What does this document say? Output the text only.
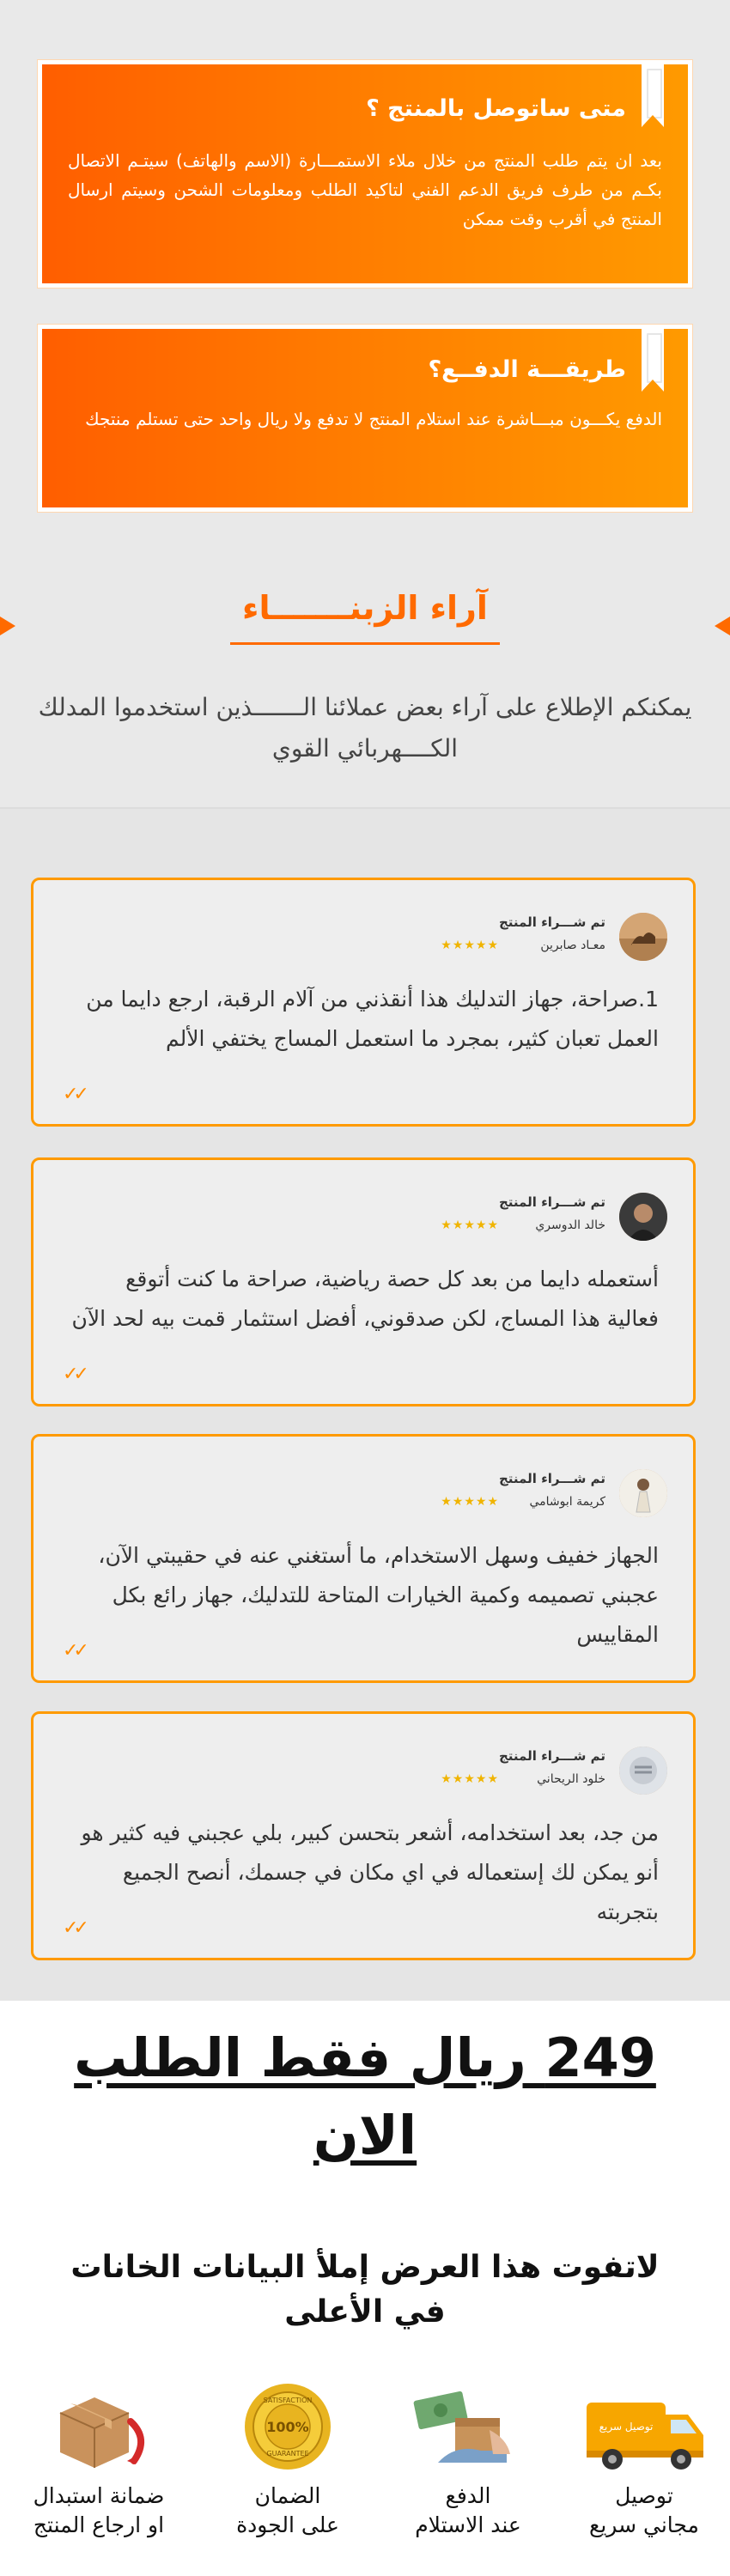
متى ساتوصل بالمنتج ؟

بعد ان يتم طلب المنتج من خلال ملاء الاستمـــارة (الاسم والهاتف) سيتـم الاتصال بكـم من طرف فريق الدعم الفني لتاكيد الطلب ومعلومات الشحن وسيتم ارسال المنتج في أقرب وقت ممكن

طريقـــة الدفــع؟

الدفع يكـــون مبـــاشرة عند استلام المنتج لا تدفع ولا ريال واحد حتى تستلم منتجك

آراء الزبنـــــــاء
يمكنكم الإطلاع على آراء بعض عملائنا الـــــــذين استخدموا المدلك الكــــهربائي القوي
تم شـــراء المنتج
معـاد صابرين
★★★★★
1.صراحة، جهاز التدليك هذا أنقذني من آلام الرقبة، ارجع دايما من العمل تعبان كثير، بمجرد ما استعمل المساج يختفي الألم
✓✓
تم شـــراء المنتج
خالد الدوسري
★★★★★
أستعمله دايما من بعد كل حصة رياضية، صراحة ما كنت أتوقع فعالية هذا المساج، لكن صدقوني، أفضل استثمار قمت بيه لحد الآن
✓✓
تم شـــراء المنتج
كريمة ابوشامي
★★★★★
الجهاز خفيف وسهل الاستخدام، ما أستغني عنه في حقيبتي الآن، عجبني تصميمه وكمية الخيارات المتاحة للتدليك، جهاز رائع بكل المقاييس
✓✓
تم شـــراء المنتج
خلود الريحاني
★★★★★
من جد، بعد استخدامه، أشعر بتحسن كبير، بلي عجبني فيه كثير هو أنو يمكن لك إستعماله في اي مكان في جسمك، أنصح الجميع بتجربته
✓✓
249 ريال فقط الطلب
الان
لاتفوت هذا العرض إملأ البيانات الخانات
في الأعلى
توصيل سريع
توصيل
مجاني سريع
الدفع
عند الاستلام
100%
SATISFACTION
GUARANTEE
الضمان
على الجودة
ضمانة استبدال
او ارجاع المنتج
